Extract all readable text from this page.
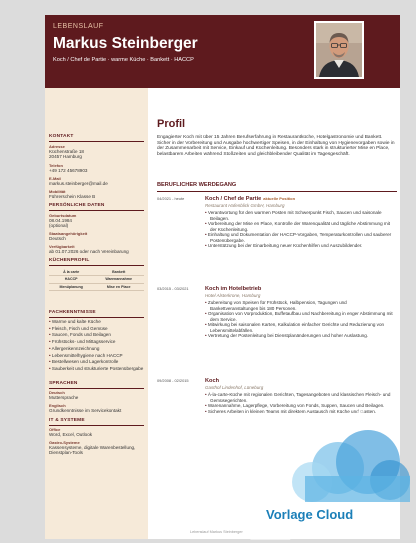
LEBENSLAUF
Markus Steinberger
Koch / Chef de Partie · warme Küche · Bankett · HACCP
KONTAKT
Adresse
Küchenstraße 18
20457 Hamburg
Telefon
+49 172 45678903
E-Mail
markus.steinberger@mail.de
Mobilität
Führerschein Klasse B
PERSÖNLICHE DATEN
Geburtsdatum
08.04.1984
(optional)
Staatsangehörigkeit
Deutsch
Verfügbarkeit
ab 01.07.2026 oder nach Vereinbarung
KÜCHENPROFIL
À la carte	Bankett
HACCP	Warenannahme
Menüplanung	Mise en Place
FACHKENNTNISSE
• Warme und kalte Küche
• Fleisch, Fisch und Gemüse
• Saucen, Fonds und Beilagen
• Frühstücks- und Mittagsservice
• Allergenkennzeichnung
• Lebensmittelhygiene nach HACCP
• Bestellwesen und Lagerkontrolle
• Sauberkeit und strukturierte Postenübergabe
SPRACHEN
Deutsch
Muttersprache
Englisch
Grundkenntnisse im Servicekontakt
IT & SYSTEME
Office
Word, Excel, Outlook
Gastro-Systeme
Kassensysteme, digitale Warenbestellung, Dienstplan-Tools
Profil
Engagierter Koch mit über 15 Jahren Berufserfahrung in Restaurantküche, Hotelgastronomie und Bankett. Sicher in der Vorbereitung und Ausgabe hochwertiger Speisen, in der Einhaltung von Hygienevorgaben sowie in der Zusammenarbeit mit Service, Einkauf und Küchenleitung. Besonders stark in strukturierter Mise en Place, belastbarem Arbeiten während Stoßzeiten und gleichbleibender Qualität im Tagesgeschäft.
BERUFLICHER WERDEGANG
04/2021 - heute	Koch / Chef de Partie aktuelle Position
Restaurant Hafenblick GmbH, Hamburg
• Verantwortung für den warmen Posten mit Schwerpunkt Fisch, Saucen und saisonale Beilagen.
• Vorbereitung der Mise en Place, Kontrolle der Warenqualität und tägliche Abstimmung mit der Küchenleitung.
• Einhaltung und Dokumentation der HACCP-Vorgaben, Temperaturkontrollen und sauberer Postenübergabe.
• Unterstützung bei der Einarbeitung neuer Küchenhilfen und Auszubildender.
03/2015 - 03/2021	Koch im Hotelbetrieb
Hotel Alsterkrone, Hamburg
• Zubereitung von Speisen für Frühstück, Halbpension, Tagungen und Bankettveranstaltungen bis 180 Personen.
• Organisation von Vorproduktion, Buffetaufbau und Nachbereitung in enger Abstimmung mit dem Service.
• Mitwirkung bei saisonalen Karten, Kalkulation einfacher Gerichte und Reduzierung von Lebensmittelabfällen.
• Vertretung der Postenleitung bei Dienstplanänderungen und hoher Auslastung.
09/2008 - 02/2015	Koch
Gasthof Lindenhof, Lüneburg
• À-la-carte-Küche mit regionalen Gerichten, Tagesangeboten und klassischen Fleisch- und Gemüsegerichten.
• Warenannahme, Lagerpflege, Vorbereitung von Fonds, Suppen, Saucen und Beilagen.
• Sicheres Arbeiten in kleinen Teams mit direktem Austausch mit Küche und Gästen.
Lebenslauf Markus Steinberger
Vorlage Cloud
